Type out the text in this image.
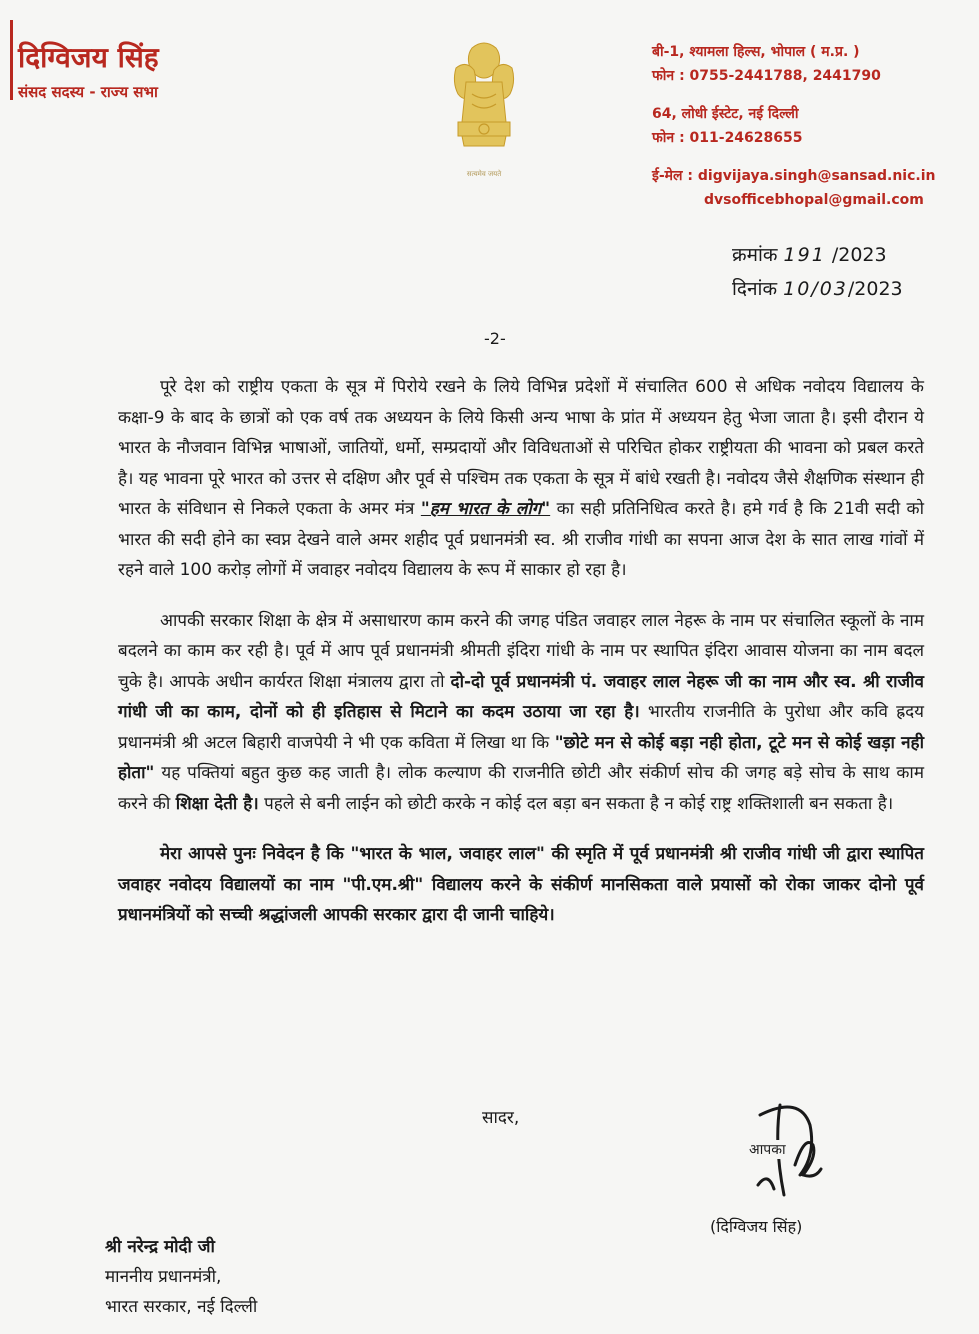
दिग्विजय सिंह
संसद सदस्य - राज्य सभा
सत्यमेव जयते
बी-1, श्यामला हिल्स, भोपाल ( म.प्र. )
फोन : 0755-2441788, 2441790
64, लोधी ईस्टेट, नई दिल्ली
फोन : 011-24628655
ई-मेल : digvijaya.singh@sansad.nic.in
dvsofficebhopal@gmail.com
क्रमांक 191 /2023
दिनांक 10/03/2023
-2-

पूरे देश को राष्ट्रीय एकता के सूत्र में पिरोये रखने के लिये विभिन्न प्रदेशों में संचालित 600 से अधिक नवोदय विद्यालय के कक्षा-9 के बाद के छात्रों को एक वर्ष तक अध्ययन के लिये किसी अन्य भाषा के प्रांत में अध्ययन हेतु भेजा जाता है। इसी दौरान ये भारत के नौजवान विभिन्न भाषाओं, जातियों, धर्मो, सम्प्रदायों और विविधताओं से परिचित होकर राष्ट्रीयता की भावना को प्रबल करते है। यह भावना पूरे भारत को उत्तर से दक्षिण और पूर्व से पश्चिम तक एकता के सूत्र में बांधे रखती है। नवोदय जैसे शैक्षणिक संस्थान ही भारत के संविधान से निकले एकता के अमर मंत्र "हम भारत के लोग" का सही प्रतिनिधित्व करते है। हमे गर्व है कि 21वी सदी को भारत की सदी होने का स्वप्न देखने वाले अमर शहीद पूर्व प्रधानमंत्री स्व. श्री राजीव गांधी का सपना आज देश के सात लाख गांवों में रहने वाले 100 करोड़ लोगों में जवाहर नवोदय विद्यालय के रूप में साकार हो रहा है।

आपकी सरकार शिक्षा के क्षेत्र में असाधारण काम करने की जगह पंडित जवाहर लाल नेहरू के नाम पर संचालित स्कूलों के नाम बदलने का काम कर रही है। पूर्व में आप पूर्व प्रधानमंत्री श्रीमती इंदिरा गांधी के नाम पर स्थापित इंदिरा आवास योजना का नाम बदल चुके है। आपके अधीन कार्यरत शिक्षा मंत्रालय द्वारा तो दो-दो पूर्व प्रधानमंत्री पं. जवाहर लाल नेहरू जी का नाम और स्व. श्री राजीव गांधी जी का काम, दोनों को ही इतिहास से मिटाने का कदम उठाया जा रहा है। भारतीय राजनीति के पुरोधा और कवि ह्रदय प्रधानमंत्री श्री अटल बिहारी वाजपेयी ने भी एक कविता में लिखा था कि "छोटे मन से कोई बड़ा नही होता, टूटे मन से कोई खड़ा नही होता" यह पक्तियां बहुत कुछ कह जाती है। लोक कल्याण की राजनीति छोटी और संकीर्ण सोच की जगह बड़े सोच के साथ काम करने की शिक्षा देती है। पहले से बनी लाईन को छोटी करके न कोई दल बड़ा बन सकता है न कोई राष्ट्र शक्तिशाली बन सकता है।

मेरा आपसे पुनः निवेदन है कि "भारत के भाल, जवाहर लाल" की स्मृति में पूर्व प्रधानमंत्री श्री राजीव गांधी जी द्वारा स्थापित जवाहर नवोदय विद्यालयों का नाम "पी.एम.श्री" विद्यालय करने के संकीर्ण मानसिकता वाले प्रयासों को रोका जाकर दोनो पूर्व प्रधानमंत्रियों को सच्ची श्रद्धांजली आपकी सरकार द्वारा दी जानी चाहिये।

सादर,
आपका
(दिग्विजय सिंह)
श्री नरेन्द्र मोदी जी
माननीय प्रधानमंत्री,
भारत सरकार, नई दिल्ली
